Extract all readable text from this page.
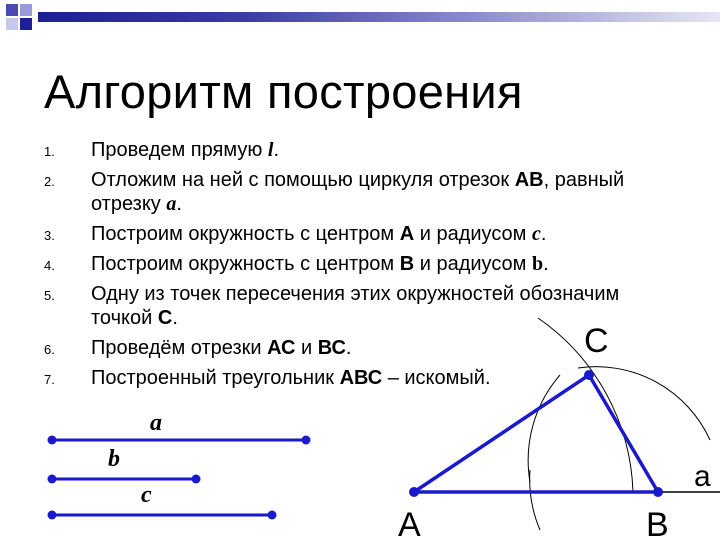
Алгоритм построения
1.	Проведем прямую l.
2.	Отложим на ней с помощью циркуля отрезок АВ, равный отрезку a.
3.	Построим окружность с центром А и радиусом с.
4.	Построим окружность с центром В и радиусом b.
5.	Одну из точек пересечения этих окружностей обозначим точкой С.
6.	Проведём отрезки АС и ВС.
7.	Построенный треугольник АВС – искомый.
a
b
c
А	В
С
а
